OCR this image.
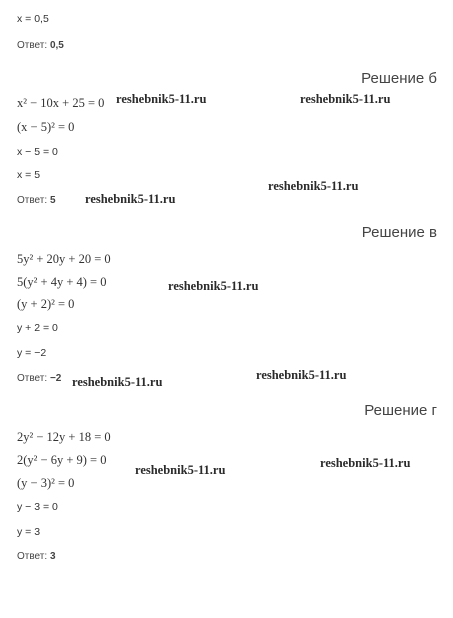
x = 0,5
Ответ: 0,5
Решение б
x² − 10x + 25 = 0
(x − 5)² = 0
x − 5 = 0
x = 5
Ответ: 5
Решение в
5y² + 20y + 20 = 0
5(y² + 4y + 4) = 0
(y + 2)² = 0
y + 2 = 0
y = −2
Ответ: −2
Решение г
2y² − 12y + 18 = 0
2(y² − 6y + 9) = 0
(y − 3)² = 0
y − 3 = 0
y = 3
Ответ: 3
reshebnik5-11.ru	reshebnik5-11.ru
reshebnik5-11.ru
reshebnik5-11.ru
reshebnik5-11.ru
reshebnik5-11.ru
reshebnik5-11.ru
reshebnik5-11.ru
reshebnik5-11.ru
